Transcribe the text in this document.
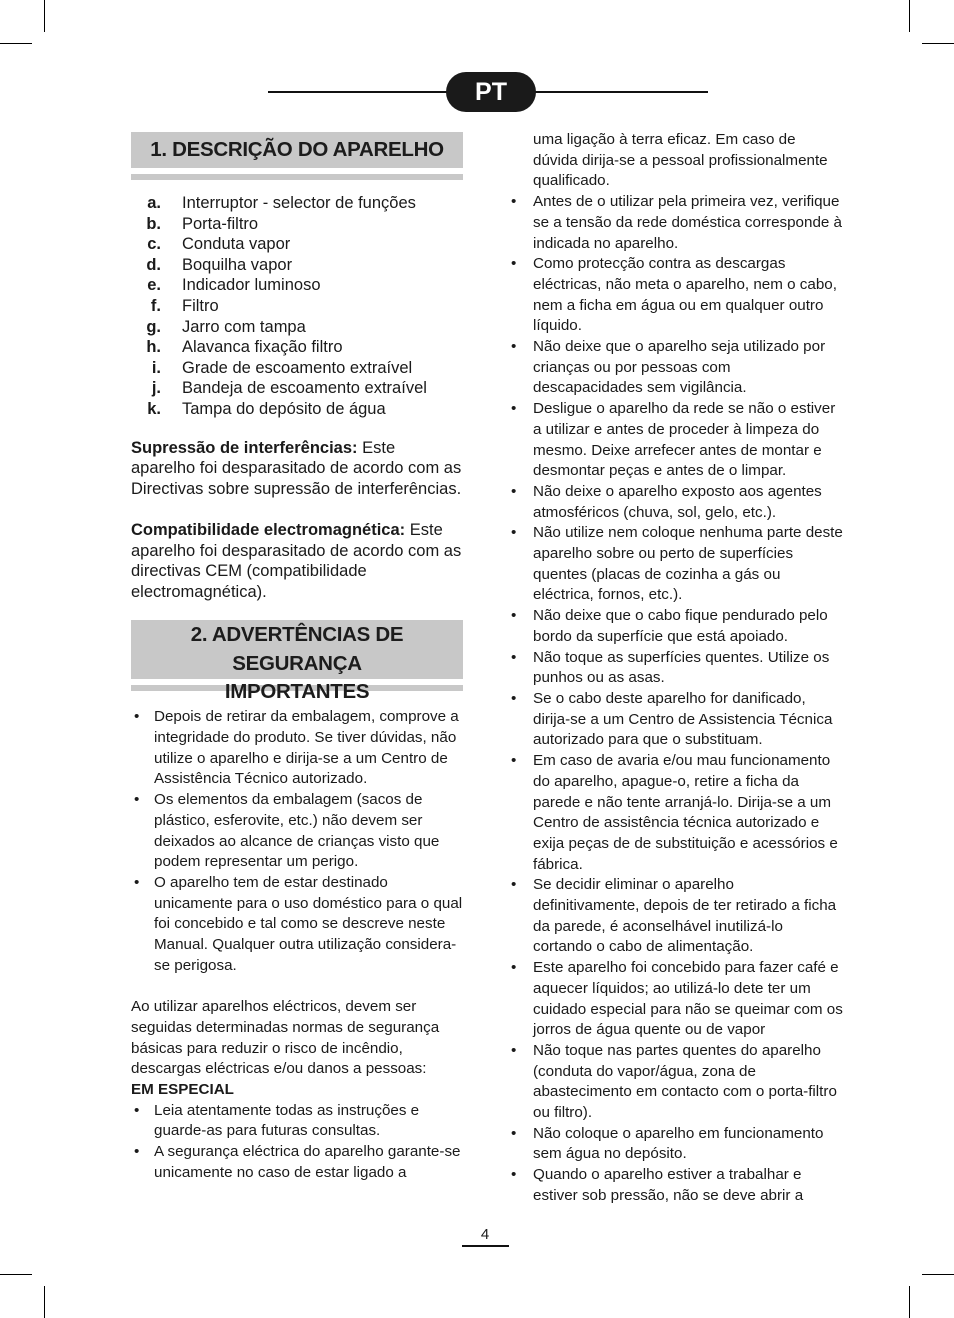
PT
1. DESCRIÇÃO DO APARELHO
a. Interruptor - selector de funções
b. Porta-filtro
c. Conduta vapor
d. Boquilha vapor
e. Indicador luminoso
f. Filtro
g. Jarro com tampa
h. Alavanca fixação filtro
i. Grade de escoamento extraível
j. Bandeja de escoamento extraível
k. Tampa do depósito de água

Supressão de interferências: Este aparelho foi desparasitado de acordo com as Directivas sobre supressão de interferências.

Compatibilidade electromagnética: Este aparelho foi desparasitado de acordo com as directivas CEM (compatibilidade electromagnética).

2. ADVERTÊNCIAS DE SEGURANÇA
IMPORTANTES
• Depois de retirar da embalagem, comprove a integridade do produto. Se tiver dúvidas, não utilize o aparelho e dirija-se a um Centro de Assistência Técnico autorizado.
• Os elementos da embalagem (sacos de plástico, esferovite, etc.) não devem ser deixados ao alcance de crianças visto que podem representar um perigo.
• O aparelho tem de estar destinado unicamente para o uso doméstico para o qual foi concebido e tal como se descreve neste Manual. Qualquer outra utilização considera-se perigosa.

Ao utilizar aparelhos eléctricos, devem ser seguidas determinadas normas de segurança básicas para reduzir o risco de incêndio, descargas eléctricas e/ou danos a pessoas:

EM ESPECIAL

• Leia atentamente todas as instruções e guarde-as para futuras consultas.
• A segurança eléctrica do aparelho garante-se unicamente no caso de estar ligado a

uma ligação à terra eficaz. Em caso de dúvida dirija-se a pessoal profissionalmente qualificado.

• Antes de o utilizar pela primeira vez, verifique se a tensão da rede doméstica corresponde à indicada no aparelho.
• Como protecção contra as descargas eléctricas, não meta o aparelho, nem o cabo, nem a ficha em água ou em qualquer outro líquido.
• Não deixe que o aparelho seja utilizado por crianças ou por pessoas com descapacidades sem vigilância.
• Desligue o aparelho da rede se não o estiver a utilizar e antes de proceder à limpeza do mesmo. Deixe arrefecer antes de montar e desmontar peças e antes de o limpar.
• Não deixe o aparelho exposto aos agentes atmosféricos (chuva, sol, gelo, etc.).
• Não utilize nem coloque nenhuma parte deste aparelho sobre ou perto de superfícies quentes (placas de cozinha a gás ou eléctrica, fornos, etc.).
• Não deixe que o cabo fique pendurado pelo bordo da superfície que está apoiado.
• Não toque as superfícies quentes. Utilize os punhos ou as asas.
• Se o cabo deste aparelho for danificado, dirija-se a um Centro de Assistencia Técnica autorizado para que o substituam.
• Em caso de avaria e/ou mau funcionamento do aparelho, apague-o, retire a ficha da parede e não tente arranjá-lo. Dirija-se a um Centro de assistência técnica autorizado e exija peças de de substituição e acessórios e fábrica.
• Se decidir eliminar o aparelho definitivamente, depois de ter retirado a ficha da parede, é aconselhável inutilizá-lo cortando o cabo de alimentação.
• Este aparelho foi concebido para fazer café e aquecer líquidos; ao utilizá-lo dete ter um cuidado especial para não se queimar com os jorros de água quente ou de vapor
• Não toque nas partes quentes do aparelho (conduta do vapor/água, zona de abastecimento em contacto com o porta-filtro ou filtro).
• Não coloque o aparelho em funcionamento sem água no depósito.
• Quando o aparelho estiver a trabalhar e estiver sob pressão, não se deve abrir a
4
